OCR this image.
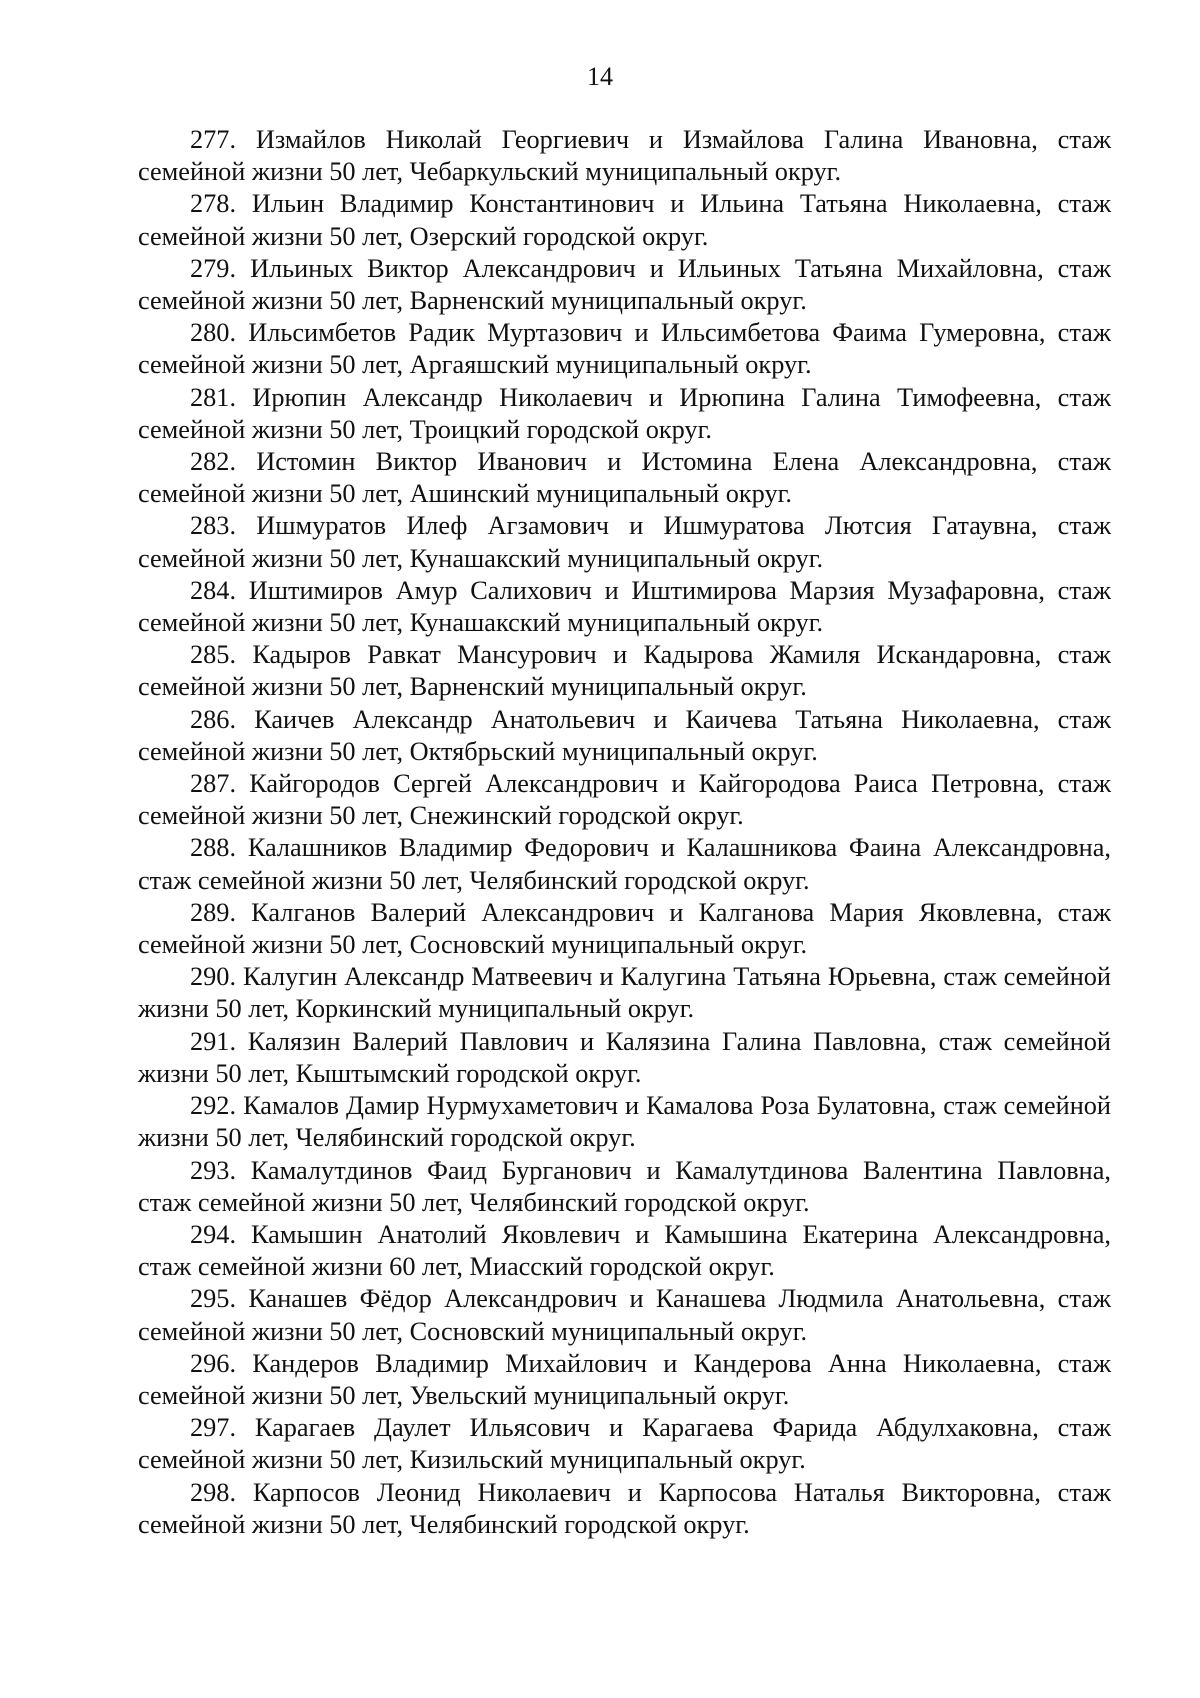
14

277. Измайлов Николай Георгиевич и Измайлова Галина Ивановна, стаж семейной жизни 50 лет, Чебаркульский муниципальный округ.

278. Ильин Владимир Константинович и Ильина Татьяна Николаевна, стаж семейной жизни 50 лет, Озерский городской округ.

279. Ильиных Виктор Александрович и Ильиных Татьяна Михайловна, стаж семейной жизни 50 лет, Варненский муниципальный округ.

280. Ильсимбетов Радик Муртазович и Ильсимбетова Фаима Гумеровна, стаж семейной жизни 50 лет, Аргаяшский муниципальный округ.

281. Ирюпин Александр Николаевич и Ирюпина Галина Тимофеевна, стаж семейной жизни 50 лет, Троицкий городской округ.

282. Истомин Виктор Иванович и Истомина Елена Александровна, стаж семейной жизни 50 лет, Ашинский муниципальный округ.

283. Ишмуратов Илеф Агзамович и Ишмуратова Лютсия Гатаувна, стаж семейной жизни 50 лет, Кунашакский муниципальный округ.

284. Иштимиров Амур Салихович и Иштимирова Марзия Музафаровна, стаж семейной жизни 50 лет, Кунашакский муниципальный округ.

285. Кадыров Равкат Мансурович и Кадырова Жамиля Искандаровна, стаж семейной жизни 50 лет, Варненский муниципальный округ.

286. Каичев Александр Анатольевич и Каичева Татьяна Николаевна, стаж семейной жизни 50 лет, Октябрьский муниципальный округ.

287. Кайгородов Сергей Александрович и Кайгородова Раиса Петровна, стаж семейной жизни 50 лет, Снежинский городской округ.

288. Калашников Владимир Федорович и Калашникова Фаина Александровна, стаж семейной жизни 50 лет, Челябинский городской округ.

289. Калганов Валерий Александрович и Калганова Мария Яковлевна, стаж семейной жизни 50 лет, Сосновский муниципальный округ.

290. Калугин Александр Матвеевич и Калугина Татьяна Юрьевна, стаж семейной жизни 50 лет, Коркинский муниципальный округ.

291. Калязин Валерий Павлович и Калязина Галина Павловна, стаж семейной жизни 50 лет, Кыштымский городской округ.

292. Камалов Дамир Нурмухаметович и Камалова Роза Булатовна, стаж семейной жизни 50 лет, Челябинский городской округ.

293. Камалутдинов Фаид Бурганович и Камалутдинова Валентина Павловна, стаж семейной жизни 50 лет, Челябинский городской округ.

294. Камышин Анатолий Яковлевич и Камышина Екатерина Александровна, стаж семейной жизни 60 лет, Миасский городской округ.

295. Канашев Фёдор Александрович и Канашева Людмила Анатольевна, стаж семейной жизни 50 лет, Сосновский муниципальный округ.

296. Кандеров Владимир Михайлович и Кандерова Анна Николаевна, стаж семейной жизни 50 лет, Увельский муниципальный округ.

297. Карагаев Даулет Ильясович и Карагаева Фарида Абдулхаковна, стаж семейной жизни 50 лет, Кизильский муниципальный округ.

298. Карпосов Леонид Николаевич и Карпосова Наталья Викторовна, стаж семейной жизни 50 лет, Челябинский городской округ.
